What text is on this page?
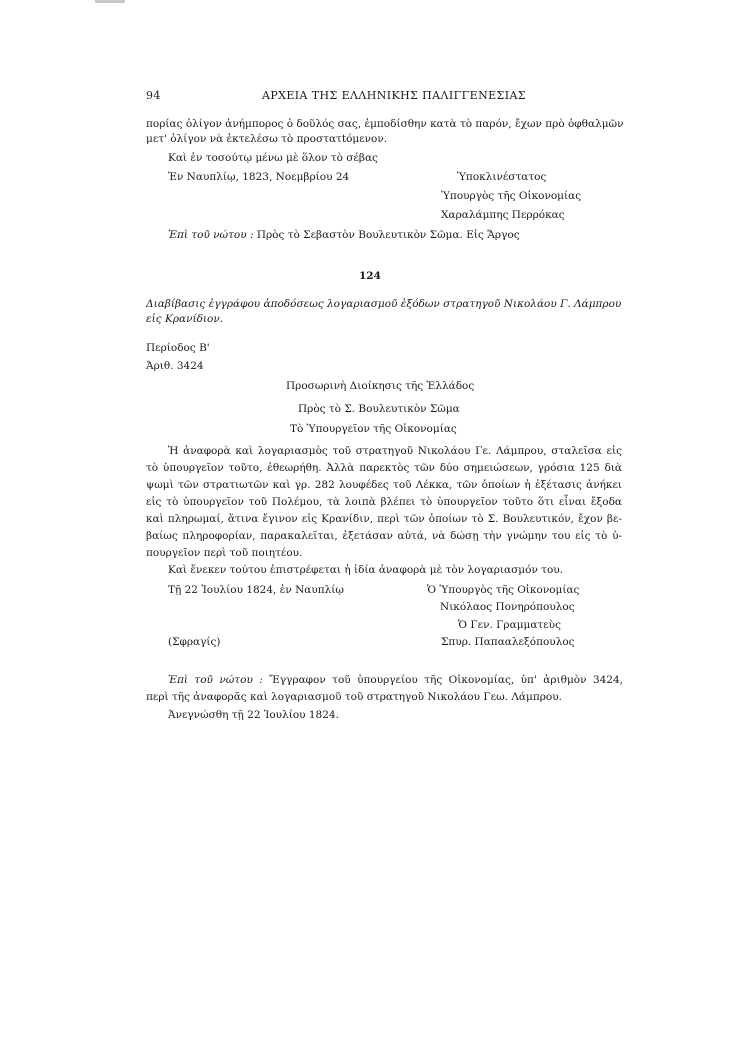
94	ΑΡΧΕΙΑ ΤΗΣ ΕΛΛΗΝΙΚΗΣ ΠΑΛΙΓΓΕΝΕΣΙΑΣ
πορίας ὀλίγον ἀνήμπορος ὁ δοῦλός σας, ἐμποδίσθην κατὰ τὸ παρόν, ἔχων πρὸ ὀφθαλμῶν
μετ' ὀλίγον νὰ ἐκτελέσω τὸ προστατtόμενον.
Καὶ ἐν τοσούτῳ μένω μὲ ὅλον τὸ σέβας
Ἐν Ναυπλίῳ, 1823, Νοεμβρίου 24	Ὑποκλινέστατος
Ὑπουργὸς τῆς Οἰκονομίας
Χαραλάμπης Περρόκας
Ἐπὶ τοῦ νώτου : Πρὸς τὸ Σεβαστὸν Βουλευτικὸν Σῶμα. Εἰς Ἄργος
124
Διαβίβασις ἐγγράφου ἀποδόσεως λογαριασμοῦ ἐξόδων στρατηγοῦ Νικολάου Γ. Λάμπρου
εἰς Κρανίδιον.
Περίοδος Β'
Ἀριθ. 3424
Προσωρινὴ Διοίκησις τῆς Ἑλλάδος
Πρὸς τὸ Σ. Βουλευτικὸν Σῶμα
Τὸ Ὑπουργεῖον τῆς Οἰκονομίας
Ἡ ἀναφορὰ καὶ λογαριασμὸς τοῦ στρατηγοῦ Νικολάου Γε. Λάμπρου, σταλεῖσα εἰς
τὸ ὑπουργεῖον τοῦτο, ἐθεωρήθη. Ἀλλὰ παρεκτὸς τῶν δύο σημειώσεων, γρόσια 125 διὰ
ψωμὶ τῶν στρατιωτῶν καὶ γρ. 282 λουφέδες τοῦ Λέκκα, τῶν ὁποίων ἡ ἐξέτασις ἀνήκει
εἰς τὸ ὑπουργεῖον τοῦ Πολέμου, τὰ λοιπὰ βλέπει τὸ ὑπουργεῖον τοῦτο ὅτι εἶναι ἔξοδα
καὶ πληρωμαί, ἅτινα ἔγινον εἰς Κρανίδιν, περὶ τῶν ὁποίων τὸ Σ. Βουλευτικόν, ἔχον βε-
βαίως πληροφορίαν, παρακαλεῖται, ἐξετάσαν αὐτά, νὰ δώσῃ τὴν γνώμην του εἰς τὸ ὑ-
πουργεῖον περὶ τοῦ ποιητέου.
Καὶ ἕνεκεν τούτου ἐπιστρέφεται ἡ ἰδία ἀναφορὰ μὲ τὸν λογαριασμόν του.
Τῇ 22 Ἰουλίου 1824, ἐν Ναυπλίῳ	Ὁ Ὑπουργὸς τῆς Οἰκονομίας
Νικόλαος Πονηρόπουλος
Ὁ Γεν. Γραμματεὺς
(Σφραγίς)	Σπυρ. Παπααλεξόπουλος
Ἐπὶ τοῦ νώτου : Ἔγγραφον τοῦ ὑπουργείου τῆς Οἰκονομίας, ὑπ' ἀριθμὸν 3424,
περὶ τῆς ἀναφορᾶς καὶ λογαριασμοῦ τοῦ στρατηγοῦ Νικολάου Γεω. Λάμπρου.
Ἀνεγνώσθη τῇ 22 Ἰουλίου 1824.
